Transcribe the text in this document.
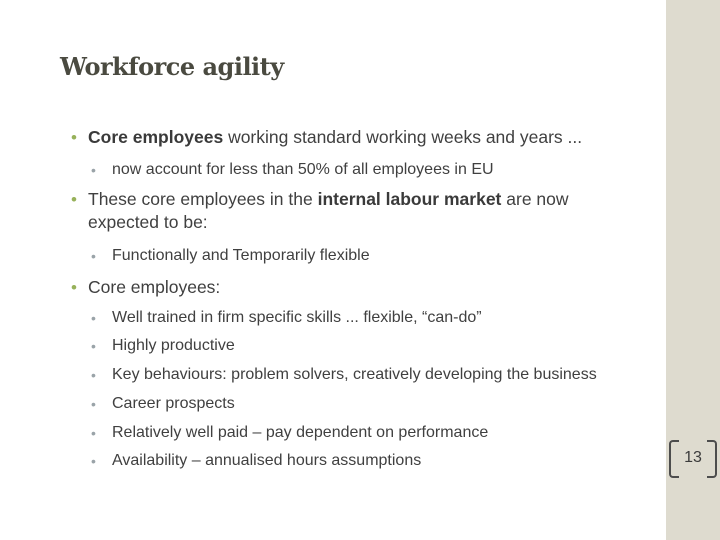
Workforce agility
• Core employees working standard working weeks and years ...
• now account for less than 50% of all employees in EU
• These core employees in the internal labour market are now expected to be:
• Functionally and Temporarily flexible
• Core employees:
• Well trained in firm specific skills ... flexible, “can-do”
• Highly productive
• Key behaviours: problem solvers, creatively developing the business
• Career prospects
• Relatively well paid – pay dependent on performance
• Availability – annualised hours assumptions	13
